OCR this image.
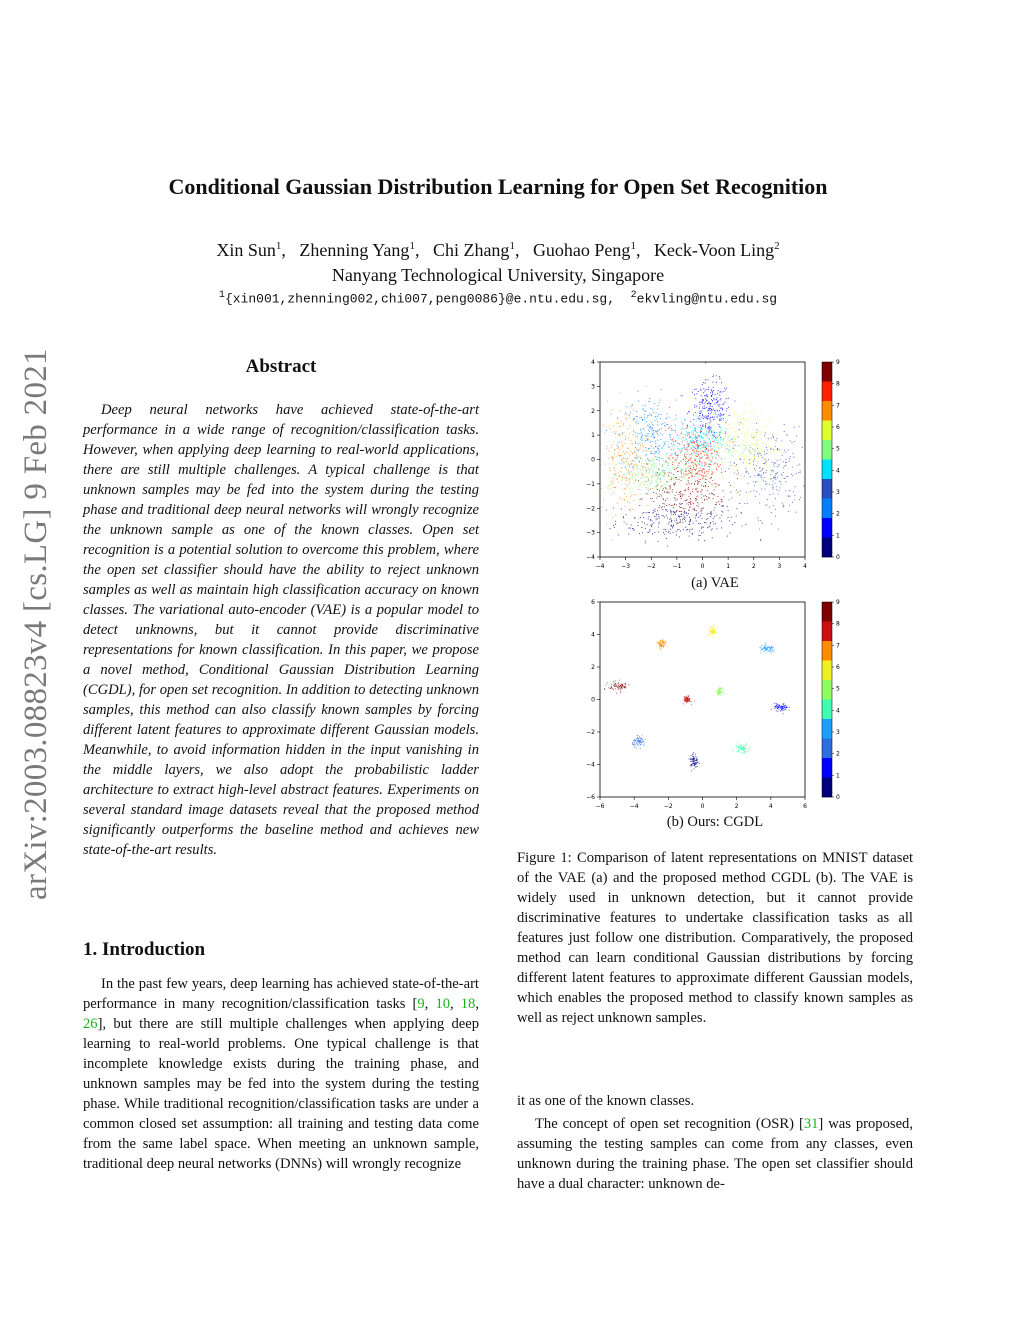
arXiv:2003.08823v4 [cs.LG] 9 Feb 2021
Conditional Gaussian Distribution Learning for Open Set Recognition
Xin Sun$^1$,   Zhenning Yang$^1$,   Chi Zhang$^1$,   Guohao Peng$^1$,   Keck-Voon Ling$^2$
Nanyang Technological University, Singapore
$^1${xin001,zhenning002,chi007,peng0086}@e.ntu.edu.sg, $^2$ekvling@ntu.edu.sg
Abstract
Deep neural networks have achieved state-of-the-art performance in a wide range of recognition/classification tasks. However, when applying deep learning to real-world applications, there are still multiple challenges. A typical challenge is that unknown samples may be fed into the system during the testing phase and traditional deep neural networks will wrongly recognize the unknown sample as one of the known classes. Open set recognition is a potential solution to overcome this problem, where the open set classifier should have the ability to reject unknown samples as well as maintain high classification accuracy on known classes. The variational auto-encoder (VAE) is a popular model to detect unknowns, but it cannot provide discriminative representations for known classification. In this paper, we propose a novel method, Conditional Gaussian Distribution Learning (CGDL), for open set recognition. In addition to detecting unknown samples, this method can also classify known samples by forcing different latent features to approximate different Gaussian models. Meanwhile, to avoid information hidden in the input vanishing in the middle layers, we also adopt the probabilistic ladder architecture to extract high-level abstract features. Experiments on several standard image datasets reveal that the proposed method significantly outperforms the baseline method and achieves new state-of-the-art results.
1. Introduction
In the past few years, deep learning has achieved state-of-the-art performance in many recognition/classification tasks [9, 10, 18, 26], but there are still multiple challenges when applying deep learning to real-world problems. One typical challenge is that incomplete knowledge exists during the training phase, and unknown samples may be fed into the system during the testing phase. While traditional recognition/classification tasks are under a common closed set assumption: all training and testing data come from the same label space. When meeting an unknown sample, traditional deep neural networks (DNNs) will wrongly recognize
−4	−3	−2	−1	0	1	2	3	4
4
3
2
1
0
−1
−2
−3
−4
9
8
7
6
5
4
3
2
1
0
(a) VAE
−6	−4	−2	0	2	4	6
6
4
2
0
−2
−4
−6
9
8
7
6
5
4
3
2
1
0
(b) Ours: CGDL
Figure 1: Comparison of latent representations on MNIST dataset of the VAE (a) and the proposed method CGDL (b). The VAE is widely used in unknown detection, but it cannot provide discriminative features to undertake classification tasks as all features just follow one distribution. Comparatively, the proposed method can learn conditional Gaussian distributions by forcing different latent features to approximate different Gaussian models, which enables the proposed method to classify known samples as well as reject unknown samples.
it as one of the known classes.
The concept of open set recognition (OSR) [31] was proposed, assuming the testing samples can come from any classes, even unknown during the training phase. The open set classifier should have a dual character: unknown de-
